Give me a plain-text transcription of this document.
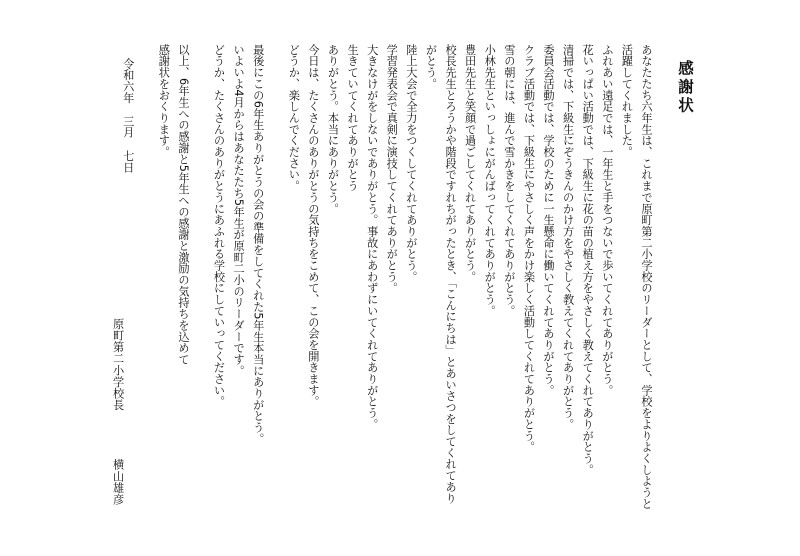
感謝状
あなたたち六年生は、これまで原町第二小学校のリーダーとして、学校をよりよくしようと
活躍してくれました。
ふれあい遠足では、一年生と手をつないで歩いてくれてありがとう。
花いっぱい活動では、下級生に花の苗の植え方をやさしく教えてくれてありがとう。
清掃では、下級生にぞうきんのかけ方をやさしく教えてくれてありがとう。
委員会活動では、学校のために一生懸命に働いてくれてありがとう。
クラブ活動では、下級生にやさしく声をかけ楽しく活動してくれてありがとう。
雪の朝には、進んで雪かきをしてくれてありがとう。
小林先生といっしょにがんばってくれてありがとう。
豊田先生と笑顔で過ごしてくれてありがとう。
校長先生とろうかや階段ですれちがったとき、「こんにちは」とあいさつをしてくれてあり
がとう。
陸上大会で全力をつくしてくれてありがとう。
学習発表会で真剣に演技してくれてありがとう。
大きなけがをしないでありがとう。事故にあわずにいてくれてありがとう。
生きていてくれてありがとう
ありがとう。本当にありがとう。
今日は、たくさんのありがとうの気持ちをこめて、この会を開きます。
どうか、楽しんでください。
最後にこの6年生ありがとうの会の準備をしてくれた5年生本当にありがとう。
いよいよ4月からはあなたたち5年生が原町二小のリーダーです。
どうか、たくさんのありがとうにあふれる学校にしていってください。
以上、6年生への感謝と5年生への感謝と激励の気持ちを込めて
感謝状をおくります。
令和六年三月七日
原町第二小学校長横山雄彦
